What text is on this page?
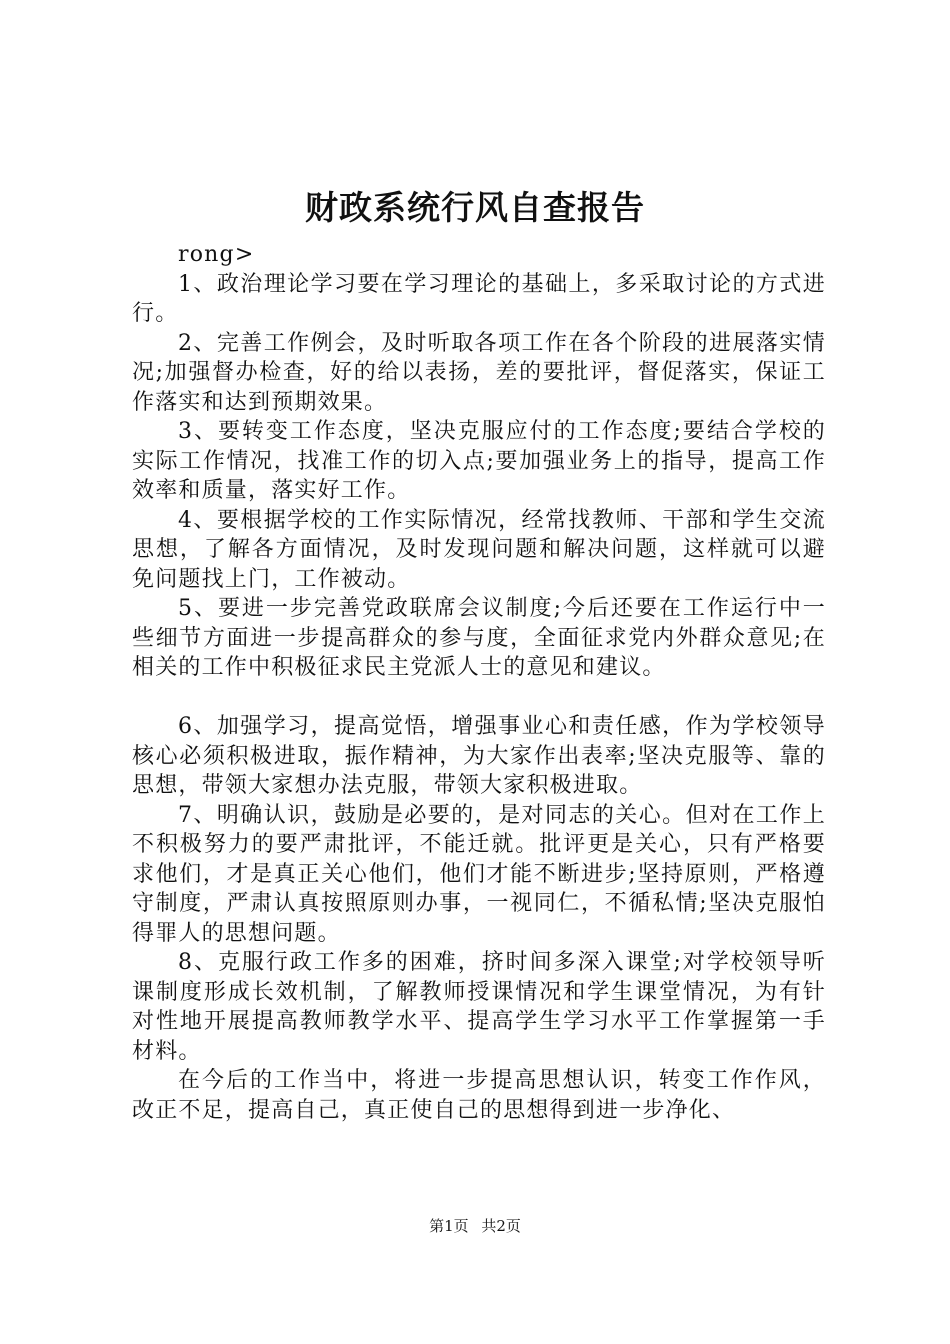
财政系统行风自查报告

rong>

1、政治理论学习要在学习理论的基础上，多采取讨论的方式进行。

2、完善工作例会，及时听取各项工作在各个阶段的进展落实情况;加强督办检查，好的给以表扬，差的要批评，督促落实，保证工作落实和达到预期效果。

3、要转变工作态度，坚决克服应付的工作态度;要结合学校的实际工作情况，找准工作的切入点;要加强业务上的指导，提高工作效率和质量，落实好工作。

4、要根据学校的工作实际情况，经常找教师、干部和学生交流思想，了解各方面情况，及时发现问题和解决问题，这样就可以避免问题找上门，工作被动。

5、要进一步完善党政联席会议制度;今后还要在工作运行中一些细节方面进一步提高群众的参与度，全面征求党内外群众意见;在相关的工作中积极征求民主党派人士的意见和建议。

6、加强学习，提高觉悟，增强事业心和责任感，作为学校领导核心必须积极进取，振作精神，为大家作出表率;坚决克服等、靠的思想，带领大家想办法克服，带领大家积极进取。

7、明确认识，鼓励是必要的，是对同志的关心。但对在工作上不积极努力的要严肃批评，不能迁就。批评更是关心，只有严格要求他们，才是真正关心他们，他们才能不断进步;坚持原则，严格遵守制度，严肃认真按照原则办事，一视同仁，不循私情;坚决克服怕得罪人的思想问题。

8、克服行政工作多的困难，挤时间多深入课堂;对学校领导听课制度形成长效机制，了解教师授课情况和学生课堂情况，为有针对性地开展提高教师教学水平、提高学生学习水平工作掌握第一手材料。

在今后的工作当中，将进一步提高思想认识，转变工作作风，改正不足，提高自己，真正使自己的思想得到进一步净化、

第1页 共2页
